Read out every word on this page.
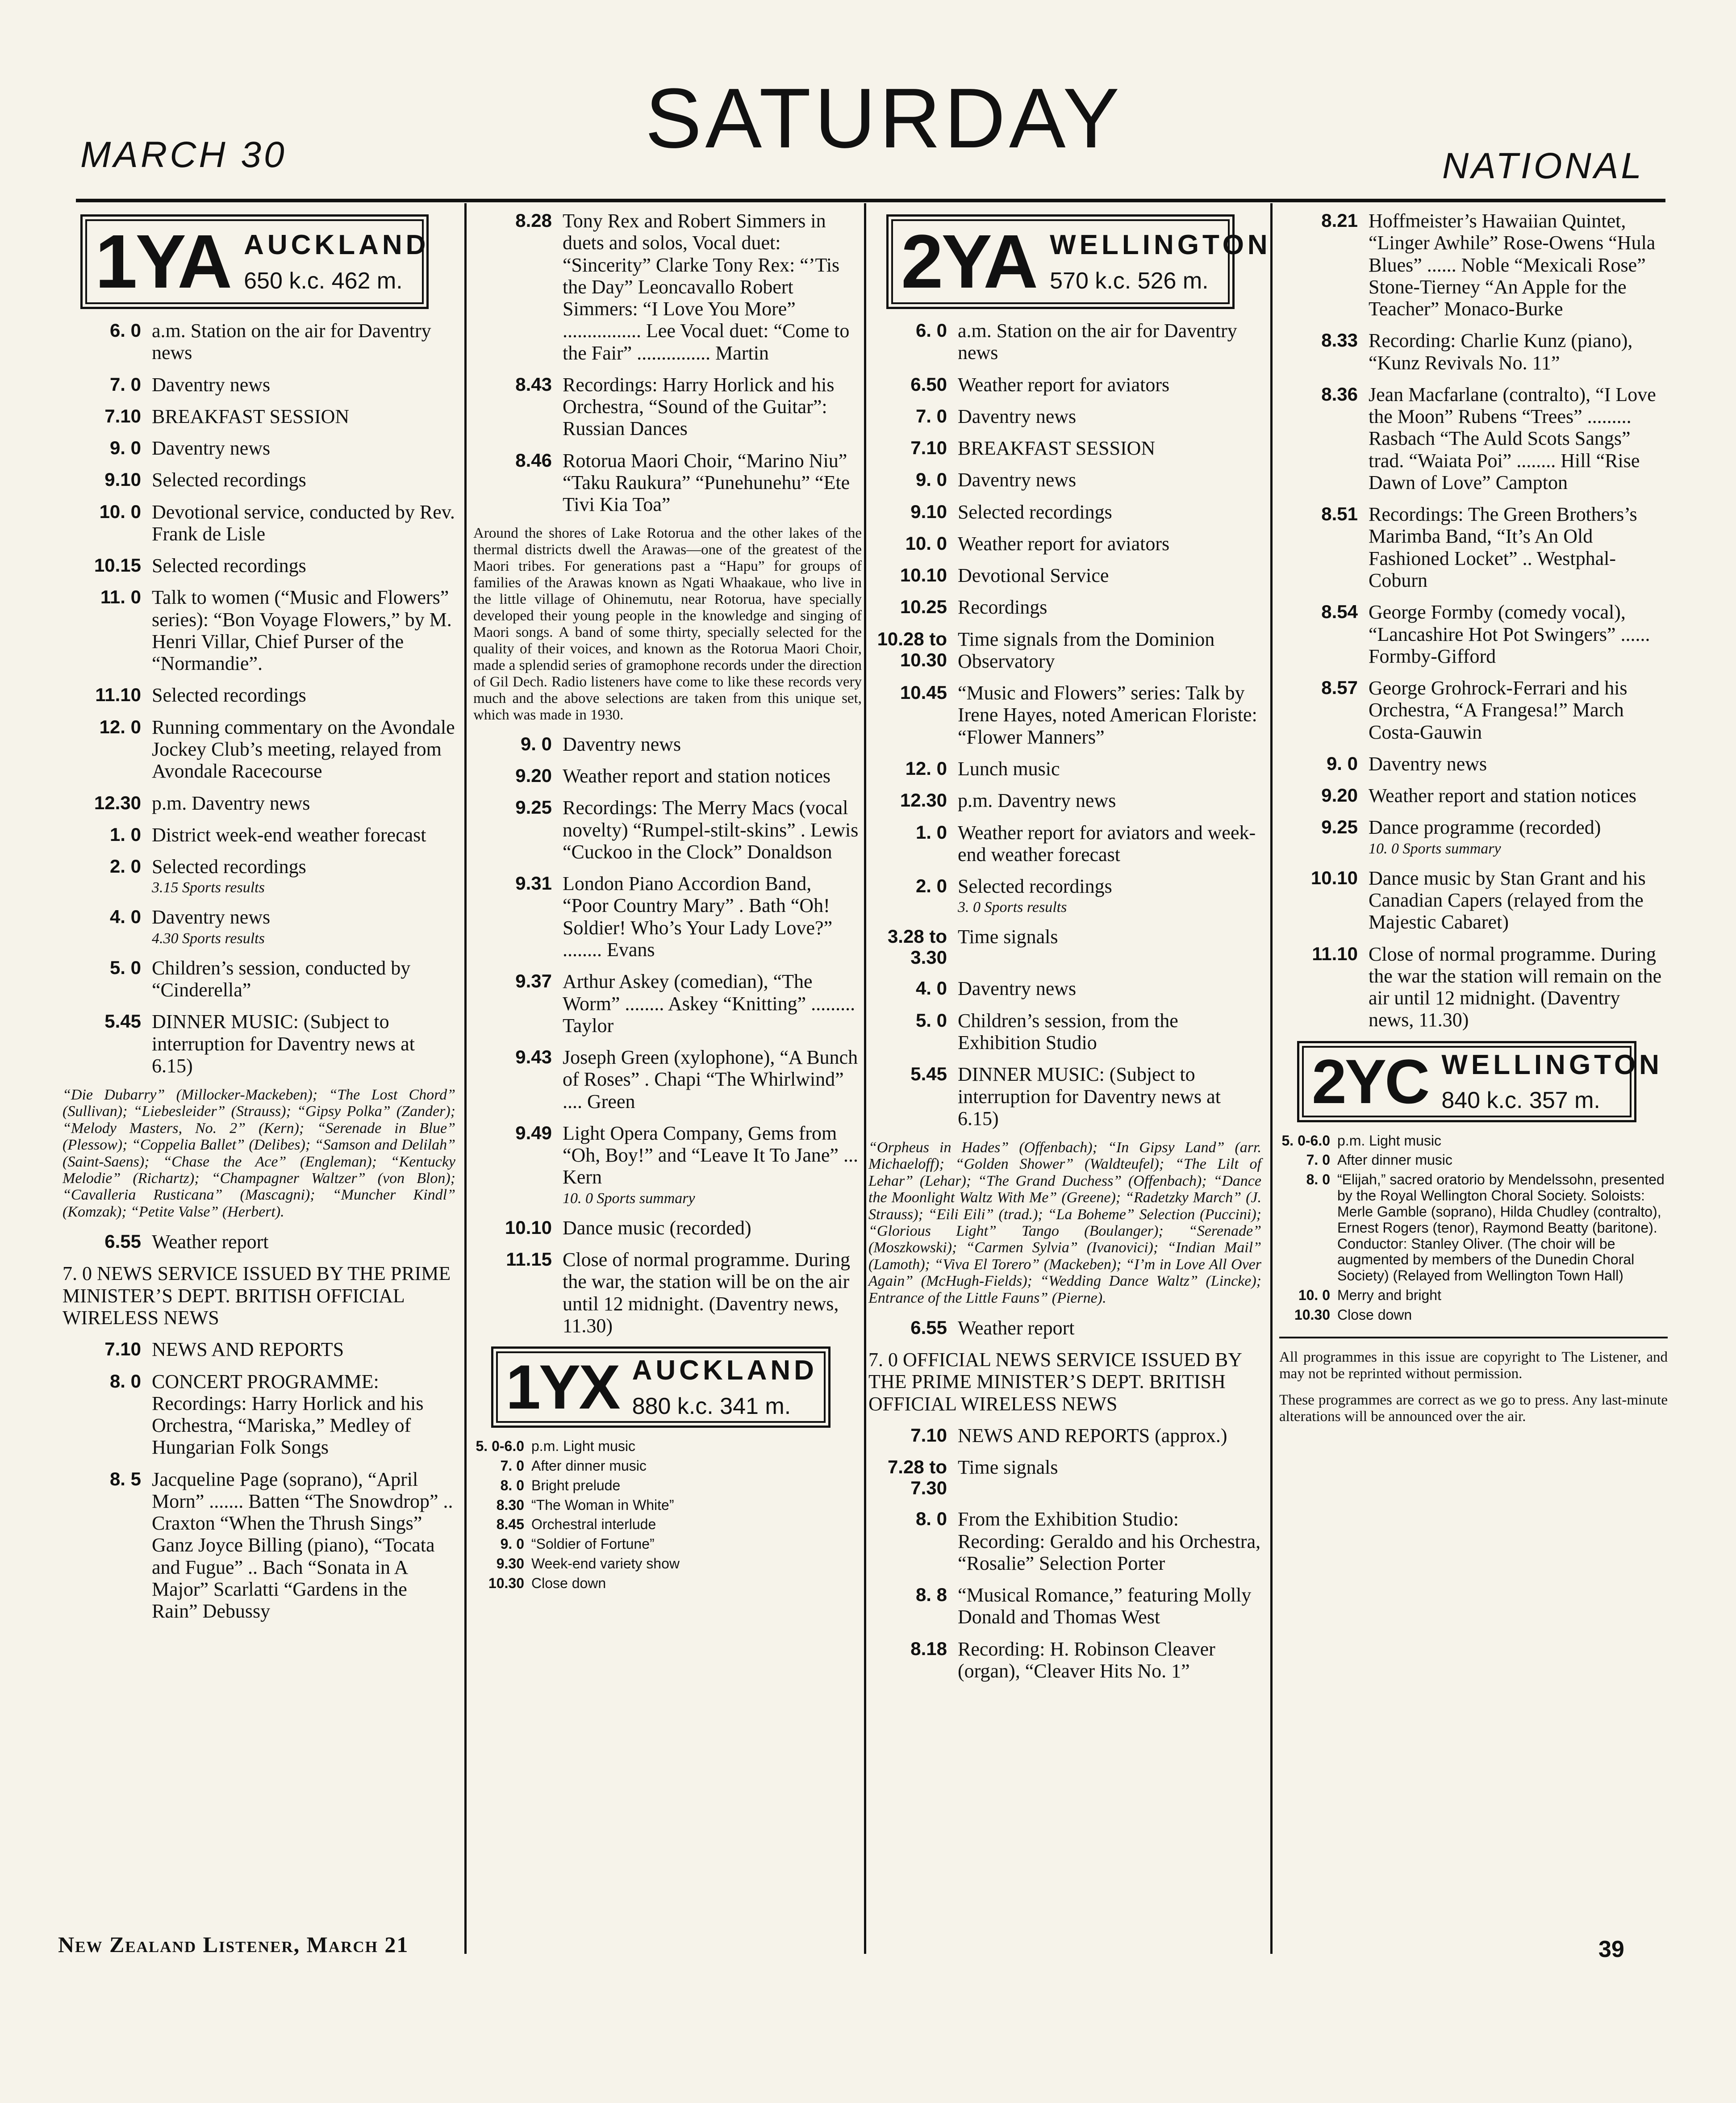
MARCH 30	SATURDAY
NATIONAL
1YA AUCKLAND
650 k.c. 462 m.
6. 0 a.m. Station on the air for Daventry news
7. 0 Daventry news
7.10 BREAKFAST SESSION
9. 0 Daventry news
9.10 Selected recordings
10. 0 Devotional service, conducted by Rev. Frank de Lisle
10.15 Selected recordings
11. 0 Talk to women (“Music and Flowers” series): “Bon Voyage Flowers,” by M. Henri Villar, Chief Purser of the “Normandie”.
11.10 Selected recordings
12. 0 Running commentary on the Avondale Jockey Club’s meeting, relayed from Avondale Racecourse
12.30 p.m. Daventry news
1. 0 District week-end weather forecast
2. 0 Selected recordings
3.15 Sports results
4. 0 Daventry news
4.30 Sports results
5. 0 Children’s session, conducted by “Cinderella”
5.45 DINNER MUSIC: (Subject to interruption for Daventry news at 6.15)
“Die Dubarry” (Millocker-Mackeben); “The Lost Chord” (Sullivan); “Liebesleider” (Strauss); “Gipsy Polka” (Zander); “Melody Masters, No. 2” (Kern); “Serenade in Blue” (Plessow); “Coppelia Ballet” (Delibes); “Samson and Delilah” (Saint-Saens); “Chase the Ace” (Engleman); “Kentucky Melodie” (Richartz); “Champagner Waltzer” (von Blon); “Cavalleria Rusticana” (Mascagni); “Muncher Kindl” (Komzak); “Petite Valse” (Herbert).
6.55 Weather report
7. 0 NEWS SERVICE ISSUED BY THE PRIME MINISTER’S DEPT. BRITISH OFFICIAL WIRELESS NEWS
7.10 NEWS AND REPORTS
8. 0 CONCERT PROGRAMME: Recordings: Harry Horlick and his Orchestra, “Mariska,” Medley of Hungarian Folk Songs
8. 5 Jacqueline Page (soprano), “April Morn” ....... Batten “The Snowdrop” .. Craxton “When the Thrush Sings” Ganz Joyce Billing (piano), “Tocata and Fugue” .. Bach “Sonata in A Major” Scarlatti “Gardens in the Rain” Debussy
8.28 Tony Rex and Robert Simmers in duets and solos, Vocal duet: “Sincerity” Clarke Tony Rex: “’Tis the Day” Leoncavallo Robert Simmers: “I Love You More” ................ Lee Vocal duet: “Come to the Fair” ............... Martin
8.43 Recordings: Harry Horlick and his Orchestra, “Sound of the Guitar”: Russian Dances
8.46 Rotorua Maori Choir, “Marino Niu” “Taku Raukura” “Punehunehu” “Ete Tivi Kia Toa”
Around the shores of Lake Rotorua and the other lakes of the thermal districts dwell the Arawas—one of the greatest of the Maori tribes. For generations past a “Hapu” for groups of families of the Arawas known as Ngati Whaakaue, who live in the little village of Ohinemutu, near Rotorua, have specially developed their young people in the knowledge and singing of Maori songs. A band of some thirty, specially selected for the quality of their voices, and known as the Rotorua Maori Choir, made a splendid series of gramophone records under the direction of Gil Dech. Radio listeners have come to like these records very much and the above selections are taken from this unique set, which was made in 1930.
9. 0 Daventry news
9.20 Weather report and station notices
9.25 Recordings: The Merry Macs (vocal novelty) “Rumpel-stilt-skins” . Lewis “Cuckoo in the Clock” Donaldson
9.31 London Piano Accordion Band, “Poor Country Mary” . Bath “Oh! Soldier! Who’s Your Lady Love?” ........ Evans
9.37 Arthur Askey (comedian), “The Worm” ........ Askey “Knitting” ......... Taylor
9.43 Joseph Green (xylophone), “A Bunch of Roses” . Chapi “The Whirlwind” .... Green
9.49 Light Opera Company, Gems from “Oh, Boy!” and “Leave It To Jane” ... Kern
10. 0 Sports summary
10.10 Dance music (recorded)
11.15 Close of normal programme. During the war, the station will be on the air until 12 midnight. (Daventry news, 11.30)
1YX AUCKLAND
880 k.c. 341 m.
5. 0-6.0 p.m. Light music
7. 0 After dinner music
8. 0 Bright prelude
8.30 “The Woman in White”
8.45 Orchestral interlude
9. 0 “Soldier of Fortune”
9.30 Week-end variety show
10.30 Close down
2YA WELLINGTON
570 k.c. 526 m.
6. 0 a.m. Station on the air for Daventry news
6.50 Weather report for aviators
7. 0 Daventry news
7.10 BREAKFAST SESSION
9. 0 Daventry news
9.10 Selected recordings
10. 0 Weather report for aviators
10.10 Devotional Service
10.25 Recordings
10.28 to 10.30
Time signals from the Dominion Observatory
10.45 “Music and Flowers” series: Talk by Irene Hayes, noted American Floriste: “Flower Manners”
12. 0 Lunch music
12.30 p.m. Daventry news
1. 0 Weather report for aviators and week-end weather forecast
2. 0 Selected recordings
3. 0 Sports results
3.28 to 3.30
Time signals
4. 0 Daventry news
5. 0 Children’s session, from the Exhibition Studio
5.45 DINNER MUSIC: (Subject to interruption for Daventry news at 6.15)
“Orpheus in Hades” (Offenbach); “In Gipsy Land” (arr. Michaeloff); “Golden Shower” (Waldteufel); “The Lilt of Lehar” (Lehar); “The Grand Duchess” (Offenbach); “Dance the Moonlight Waltz With Me” (Greene); “Radetzky March” (J. Strauss); “Eili Eili” (trad.); “La Boheme” Selection (Puccini); “Glorious Light” Tango (Boulanger); “Serenade” (Moszkowski); “Carmen Sylvia” (Ivanovici); “Indian Mail” (Lamoth); “Viva El Torero” (Mackeben); “I’m in Love All Over Again” (McHugh-Fields); “Wedding Dance Waltz” (Lincke); Entrance of the Little Fauns” (Pierne).
6.55 Weather report
7. 0 OFFICIAL NEWS SERVICE ISSUED BY THE PRIME MINISTER’S DEPT. BRITISH OFFICIAL WIRELESS NEWS
7.10 NEWS AND REPORTS (approx.)
7.28 to 7.30
Time signals
8. 0 From the Exhibition Studio: Recording: Geraldo and his Orchestra, “Rosalie” Selection Porter
8. 8 “Musical Romance,” featuring Molly Donald and Thomas West
8.18 Recording: H. Robinson Cleaver (organ), “Cleaver Hits No. 1”
8.21 Hoffmeister’s Hawaiian Quintet, “Linger Awhile” Rose-Owens “Hula Blues” ...... Noble “Mexicali Rose” Stone-Tierney “An Apple for the Teacher” Monaco-Burke
8.33 Recording: Charlie Kunz (piano), “Kunz Revivals No. 11”
8.36 Jean Macfarlane (contralto), “I Love the Moon” Rubens “Trees” ......... Rasbach “The Auld Scots Sangs” trad. “Waiata Poi” ........ Hill “Rise Dawn of Love” Campton
8.51 Recordings: The Green Brothers’s Marimba Band, “It’s An Old Fashioned Locket” .. Westphal-Coburn
8.54 George Formby (comedy vocal), “Lancashire Hot Pot Swingers” ...... Formby-Gifford
8.57 George Grohrock-Ferrari and his Orchestra, “A Frangesa!” March Costa-Gauwin
9. 0 Daventry news
9.20 Weather report and station notices
9.25 Dance programme (recorded)
10. 0 Sports summary
10.10 Dance music by Stan Grant and his Canadian Capers (relayed from the Majestic Cabaret)
11.10 Close of normal programme. During the war the station will remain on the air until 12 midnight. (Daventry news, 11.30)
2YC WELLINGTON
840 k.c. 357 m.
5. 0-6.0 p.m. Light music
7. 0 After dinner music
8. 0 “Elijah,” sacred oratorio by Mendelssohn, presented by the Royal Wellington Choral Society. Soloists: Merle Gamble (soprano), Hilda Chudley (contralto), Ernest Rogers (tenor), Raymond Beatty (baritone). Conductor: Stanley Oliver. (The choir will be augmented by members of the Dunedin Choral Society) (Relayed from Wellington Town Hall)
10. 0 Merry and bright
10.30 Close down
All programmes in this issue are copyright to The Listener, and may not be reprinted without permission.
These programmes are correct as we go to press. Any last-minute alterations will be announced over the air.
New Zealand Listener, March 21	39
